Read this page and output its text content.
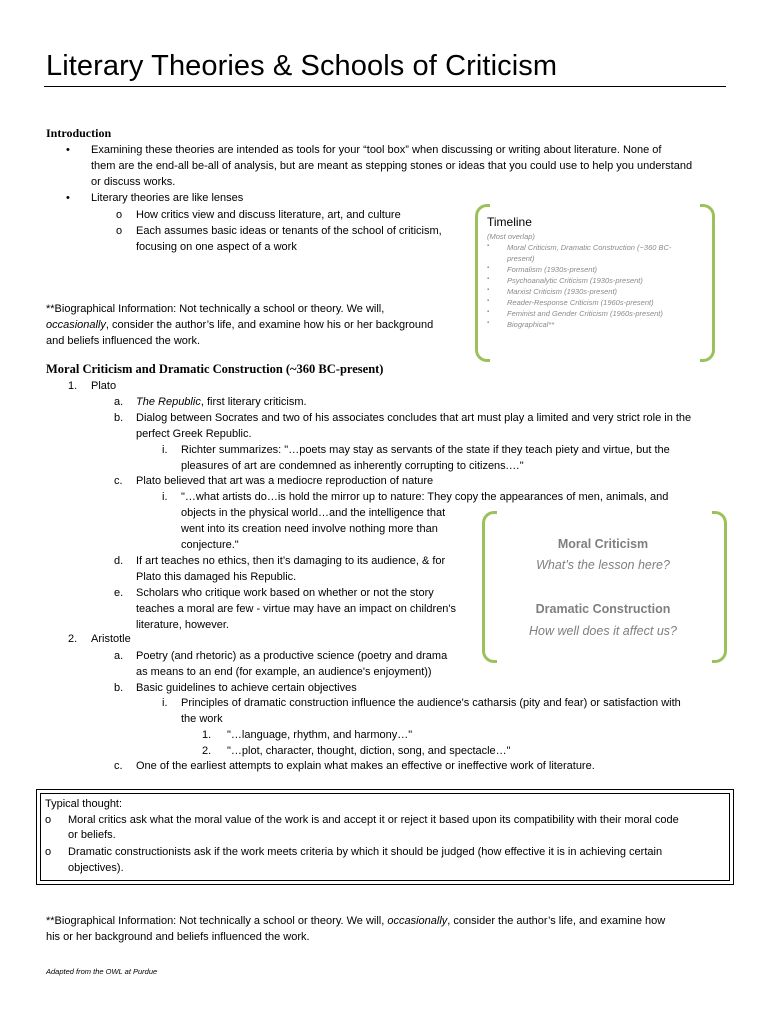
Literary Theories & Schools of Criticism
Introduction
• Examining these theories are intended as tools for your “tool box” when discussing or writing about literature. None of
them are the end-all be-all of analysis, but are meant as stepping stones or ideas that you could use to help you understand
or discuss works.
• Literary theories are like lenses
o How critics view and discuss literature, art, and culture
o Each assumes basic ideas or tenants of the school of criticism,
focusing on one aspect of a work
**Biographical Information: Not technically a school or theory. We will,
occasionally, consider the author’s life, and examine how his or her background
and beliefs influenced the work.
Timeline
(Most overlap)
▪ Moral Criticism, Dramatic Construction (~360 BC-
present)
▪ Formalism (1930s-present)
▪ Psychoanalytic Criticism (1930s-present)
▪ Marxist Criticism (1930s-present)
▪ Reader-Response Criticism (1960s-present)
▪ Feminist and Gender Criticism (1960s-present)
▪ Biographical**
Moral Criticism and Dramatic Construction (~360 BC-present)
1. Plato
a. The Republic, first literary criticism.
b. Dialog between Socrates and two of his associates concludes that art must play a limited and very strict role in the
perfect Greek Republic.
i. Richter summarizes: "…poets may stay as servants of the state if they teach piety and virtue, but the
pleasures of art are condemned as inherently corrupting to citizens.…"
c. Plato believed that art was a mediocre reproduction of nature
i. "…what artists do…is hold the mirror up to nature: They copy the appearances of men, animals, and
objects in the physical world…and the intelligence that
went into its creation need involve nothing more than
conjecture."
d. If art teaches no ethics, then it’s damaging to its audience, & for
Plato this damaged his Republic.
e. Scholars who critique work based on whether or not the story
teaches a moral are few - virtue may have an impact on children's
literature, however.
2. Aristotle
a. Poetry (and rhetoric) as a productive science (poetry and drama
as means to an end (for example, an audience's enjoyment))
b. Basic guidelines to achieve certain objectives
i. Principles of dramatic construction influence the audience's catharsis (pity and fear) or satisfaction with
the work
1. "…language, rhythm, and harmony…"
2. "…plot, character, thought, diction, song, and spectacle…"
c. One of the earliest attempts to explain what makes an effective or ineffective work of literature.
Moral Criticism
What’s the lesson here?
Dramatic Construction
How well does it affect us?
Typical thought:
o Moral critics ask what the moral value of the work is and accept it or reject it based upon its compatibility with their moral code
or beliefs.
o Dramatic constructionists ask if the work meets criteria by which it should be judged (how effective it is in achieving certain
objectives).
**Biographical Information: Not technically a school or theory. We will, occasionally, consider the author’s life, and examine how
his or her background and beliefs influenced the work.
Adapted from the OWL at Purdue
